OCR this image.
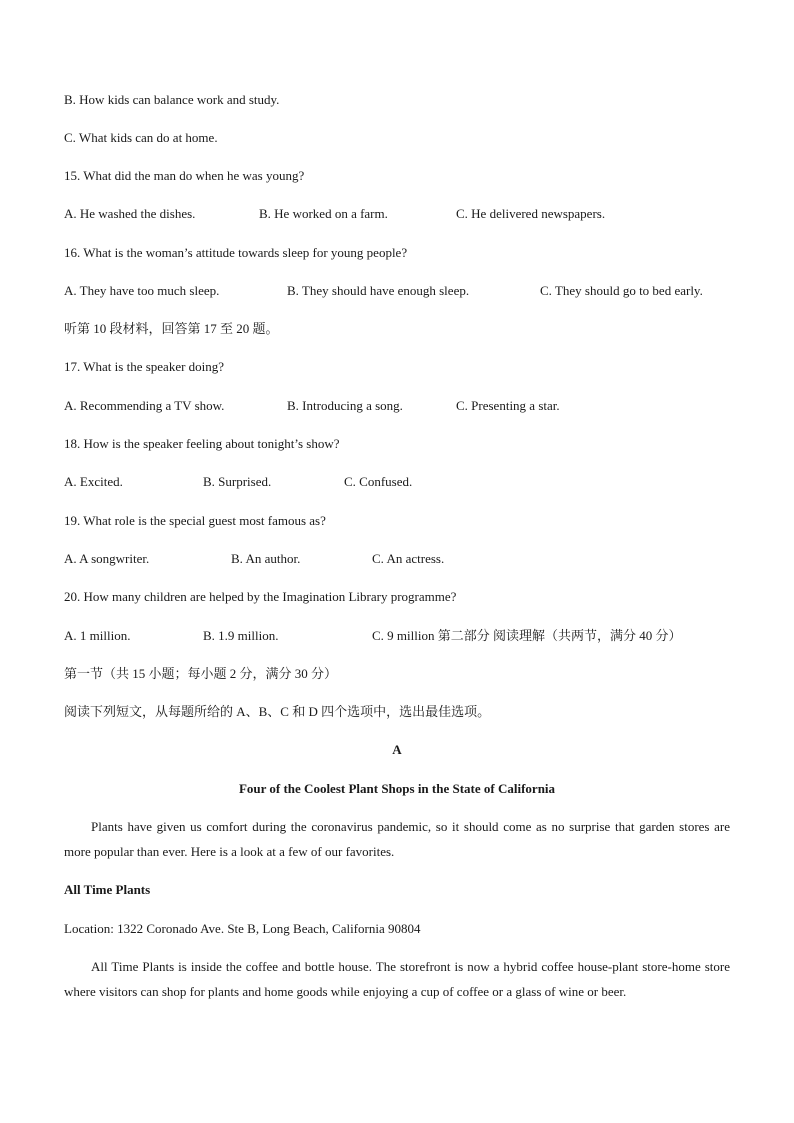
B. How kids can balance work and study.
C. What kids can do at home.
15. What did the man do when he was young?
A. He washed the dishes.	B. He worked on a farm.	C. He delivered newspapers.
16. What is the woman’s attitude towards sleep for young people?
A. They have too much sleep.	B. They should have enough sleep.	C. They should go to bed early.
听第 10 段材料，回答第 17 至 20 题。
17. What is the speaker doing?
A. Recommending a TV show.	B. Introducing a song.	C. Presenting a star.
18. How is the speaker feeling about tonight’s show?
A. Excited.	B. Surprised.	C. Confused.
19. What role is the special guest most famous as?
A. A songwriter.	B. An author.	C. An actress.
20. How many children are helped by the Imagination Library programme?
A. 1 million.	B. 1.9 million.	C. 9 million 第二部分 阅读理解（共两节，满分 40 分）
第一节（共 15 小题；每小题 2 分，满分 30 分）
阅读下列短文，从每题所给的 A、B、C 和 D 四个选项中，选出最佳选项。
A
Four of the Coolest Plant Shops in the State of California
Plants have given us comfort during the coronavirus pandemic, so it should come as no surprise that garden stores are more popular than ever. Here is a look at a few of our favorites.
All Time Plants
Location: 1322 Coronado Ave. Ste B, Long Beach, California 90804
All Time Plants is inside the coffee and bottle house. The storefront is now a hybrid coffee house-plant store-home store where visitors can shop for plants and home goods while enjoying a cup of coffee or a glass of wine or beer.
